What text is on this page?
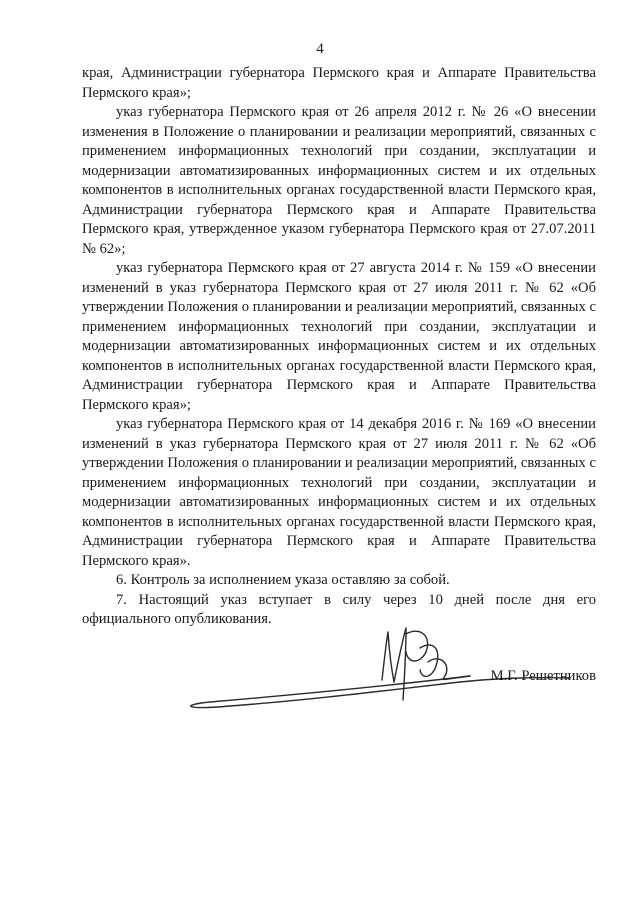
4

края, Администрации губернатора Пермского края и Аппарате Правительства Пермского края»;

указ губернатора Пермского края от 26 апреля 2012 г. № 26 «О внесении изменения в Положение о планировании и реализации мероприятий, связанных с применением информационных технологий при создании, эксплуатации и модернизации автоматизированных информационных систем и их отдельных компонентов в исполнительных органах государственной власти Пермского края, Администрации губернатора Пермского края и Аппарате Правительства Пермского края, утвержденное указом губернатора Пермского края от 27.07.2011 № 62»;

указ губернатора Пермского края от 27 августа 2014 г. № 159 «О внесении изменений в указ губернатора Пермского края от 27 июля 2011 г. № 62 «Об утверждении Положения о планировании и реализации мероприятий, связанных с применением информационных технологий при создании, эксплуатации и модернизации автоматизированных информационных систем и их отдельных компонентов в исполнительных органах государственной власти Пермского края, Администрации губернатора Пермского края и Аппарате Правительства Пермского края»;

указ губернатора Пермского края от 14 декабря 2016 г. № 169 «О внесении изменений в указ губернатора Пермского края от 27 июля 2011 г. № 62 «Об утверждении Положения о планировании и реализации мероприятий, связанных с применением информационных технологий при создании, эксплуатации и модернизации автоматизированных информационных систем и их отдельных компонентов в исполнительных органах государственной власти Пермского края, Администрации губернатора Пермского края и Аппарате Правительства Пермского края».

6. Контроль за исполнением указа оставляю за собой.

7. Настоящий указ вступает в силу через 10 дней после дня его официального опубликования.

М.Г. Решетников
